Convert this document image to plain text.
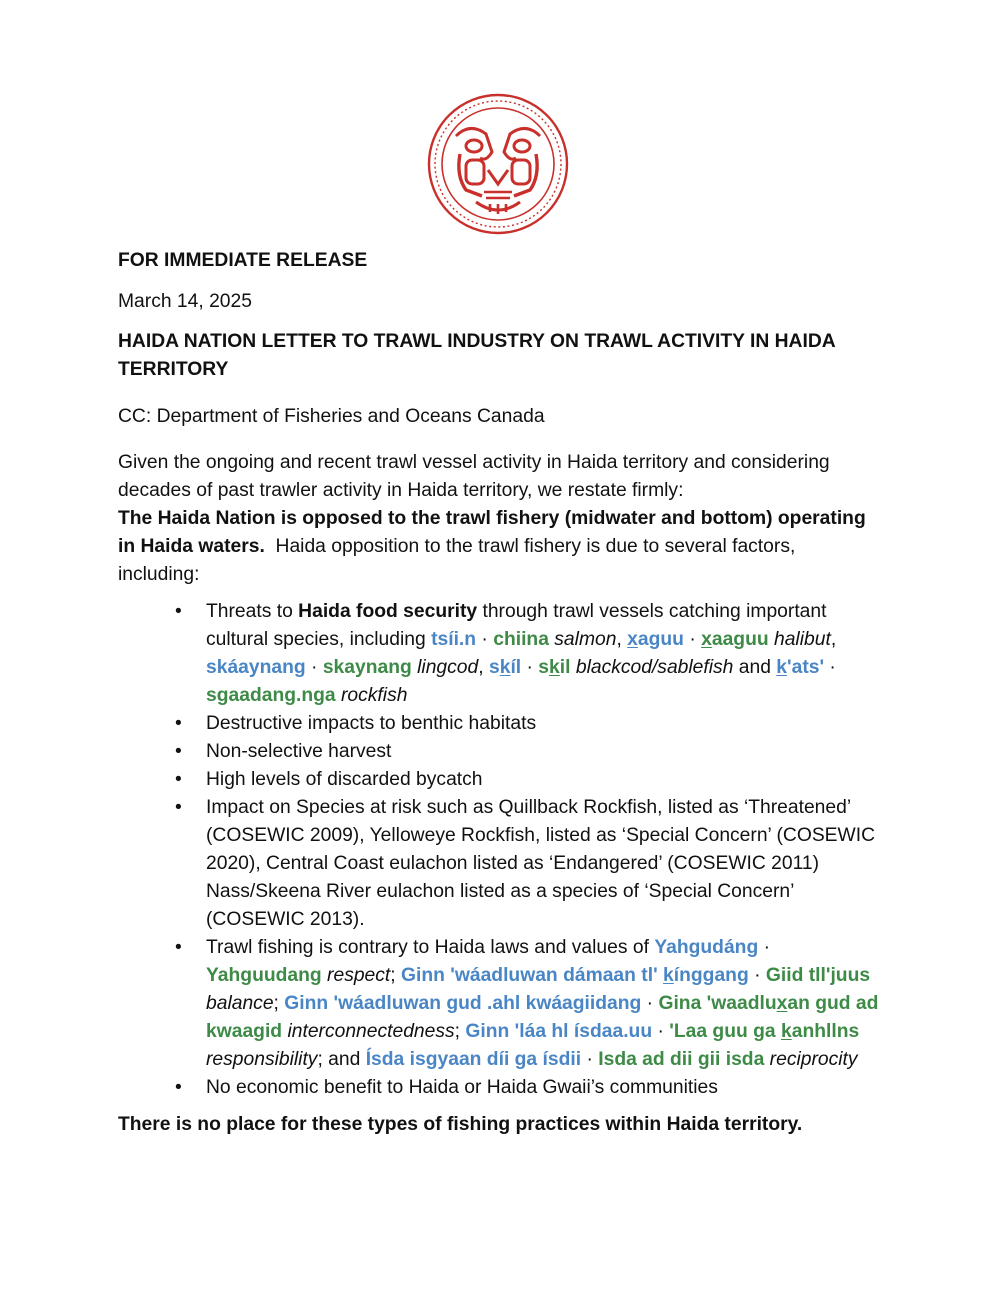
FOR IMMEDIATE RELEASE
March 14, 2025
HAIDA NATION LETTER TO TRAWL INDUSTRY ON TRAWL ACTIVITY IN HAIDA
TERRITORY
CC: Department of Fisheries and Oceans Canada
Given the ongoing and recent trawl vessel activity in Haida territory and considering
decades of past trawler activity in Haida territory, we restate firmly:
The Haida Nation is opposed to the trawl fishery (midwater and bottom) operating
in Haida waters.  Haida opposition to the trawl fishery is due to several factors,
including:
• Threats to Haida food security through trawl vessels catching important
cultural species, including tsíi.n · chiina salmon, xaguu · xaaguu halibut,
skáaynang · skaynang lingcod, skíl · skil blackcod/sablefish and k'ats' ·
sgaadang.nga rockfish
• Destructive impacts to benthic habitats
• Non-selective harvest
• High levels of discarded bycatch
• Impact on Species at risk such as Quillback Rockfish, listed as ‘Threatened’
(COSEWIC 2009), Yelloweye Rockfish, listed as ‘Special Concern’ (COSEWIC
2020), Central Coast eulachon listed as ‘Endangered’ (COSEWIC 2011)
Nass/Skeena River eulachon listed as a species of ‘Special Concern’
(COSEWIC 2013).
• Trawl fishing is contrary to Haida laws and values of Yahgudáng ·
Yahguudang respect; Ginn 'wáadluwan dámaan tl' kínggang · Giid tll'juus
balance; Ginn 'wáadluwan gud .ahl kwáagiidang · Gina 'waadluxan gud ad
kwaagid interconnectedness; Ginn 'láa hl ísdaa.uu · 'Laa guu ga kanhllns
responsibility; and Ísda isgyaan díi ga ísdii · Isda ad dii gii isda reciprocity
• No economic benefit to Haida or Haida Gwaii’s communities
There is no place for these types of fishing practices within Haida territory.
